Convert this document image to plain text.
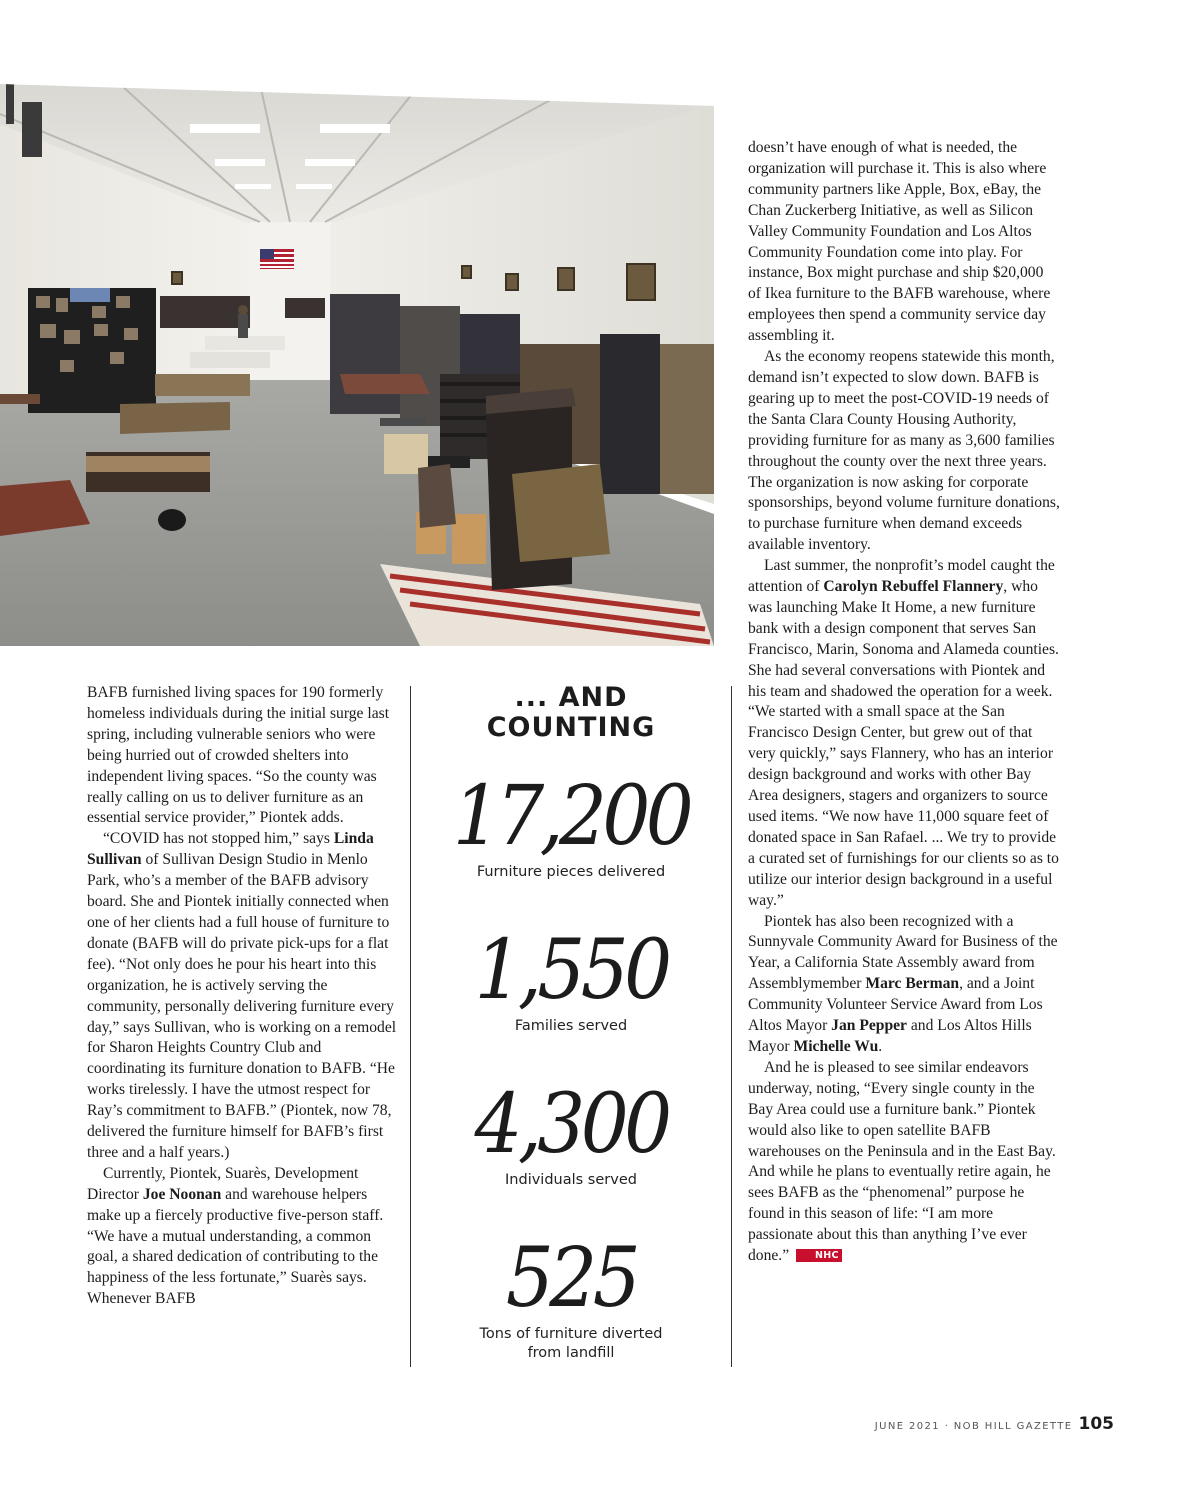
BAFB furnished living spaces for 190 formerly homeless individuals during the initial surge last spring, including vulnerable seniors who were being hurried out of crowded shelters into independent living spaces. “So the county was really calling on us to deliver furniture as an essential service provider,” Piontek adds.

“COVID has not stopped him,” says Linda Sullivan of Sullivan Design Studio in Menlo Park, who’s a member of the BAFB advisory board. She and Piontek initially connected when one of her clients had a full house of furniture to donate (BAFB will do private pick-ups for a flat fee). “Not only does he pour his heart into this organization, he is actively serving the community, personally delivering furniture every day,” says Sullivan, who is working on a remodel for Sharon Heights Country Club and coordinating its furniture donation to BAFB. “He works tirelessly. I have the utmost respect for Ray’s commitment to BAFB.” (Piontek, now 78, delivered the furniture himself for BAFB’s first three and a half years.)

Currently, Piontek, Suarès, Development Director Joe Noonan and warehouse helpers make up a fiercely productive five-person staff. “We have a mutual understanding, a common goal, a shared dedication of contributing to the happiness of the less fortunate,” Suarès says. Whenever BAFB

... AND
COUNTING
17,200
Furniture pieces delivered
1,550
Families served
4,300
Individuals served
525
Tons of furniture diverted from landfill

doesn’t have enough of what is needed, the organization will purchase it. This is also where community partners like Apple, Box, eBay, the Chan Zuckerberg Initiative, as well as Silicon Valley Community Foundation and Los Altos Community Foundation come into play. For instance, Box might purchase and ship $20,000 of Ikea furniture to the BAFB warehouse, where employees then spend a community service day assembling it.

As the economy reopens statewide this month, demand isn’t expected to slow down. BAFB is gearing up to meet the post-COVID-19 needs of the Santa Clara County Housing Authority, providing furniture for as many as 3,600 families throughout the county over the next three years. The organization is now asking for corporate sponsorships, beyond volume furniture donations, to purchase furniture when demand exceeds available inventory.

Last summer, the nonprofit’s model caught the attention of Carolyn Rebuffel Flannery, who was launching Make It Home, a new furniture bank with a design component that serves San Francisco, Marin, Sonoma and Alameda counties. She had several conversations with Piontek and his team and shadowed the operation for a week. “We started with a small space at the San Francisco Design Center, but grew out of that very quickly,” says Flannery, who has an interior design background and works with other Bay Area designers, stagers and organizers to source used items. “We now have 11,000 square feet of donated space in San Rafael. ... We try to provide a curated set of furnishings for our clients so as to utilize our interior design background in a useful way.”

Piontek has also been recognized with a Sunnyvale Community Award for Business of the Year, a California State Assembly award from Assemblymember Marc Berman, and a Joint Community Volunteer Service Award from Los Altos Mayor Jan Pepper and Los Altos Hills Mayor Michelle Wu.

And he is pleased to see similar endeavors underway, noting, “Every single county in the Bay Area could use a furniture bank.” Piontek would also like to open satellite BAFB warehouses on the Peninsula and in the East Bay. And while he plans to eventually retire again, he sees BAFB as the “phenomenal” purpose he found in this season of life: “I am more passionate about this than anything I’ve ever done.”	NHC

JUNE 2021 · NOB HILL GAZETTE 105
